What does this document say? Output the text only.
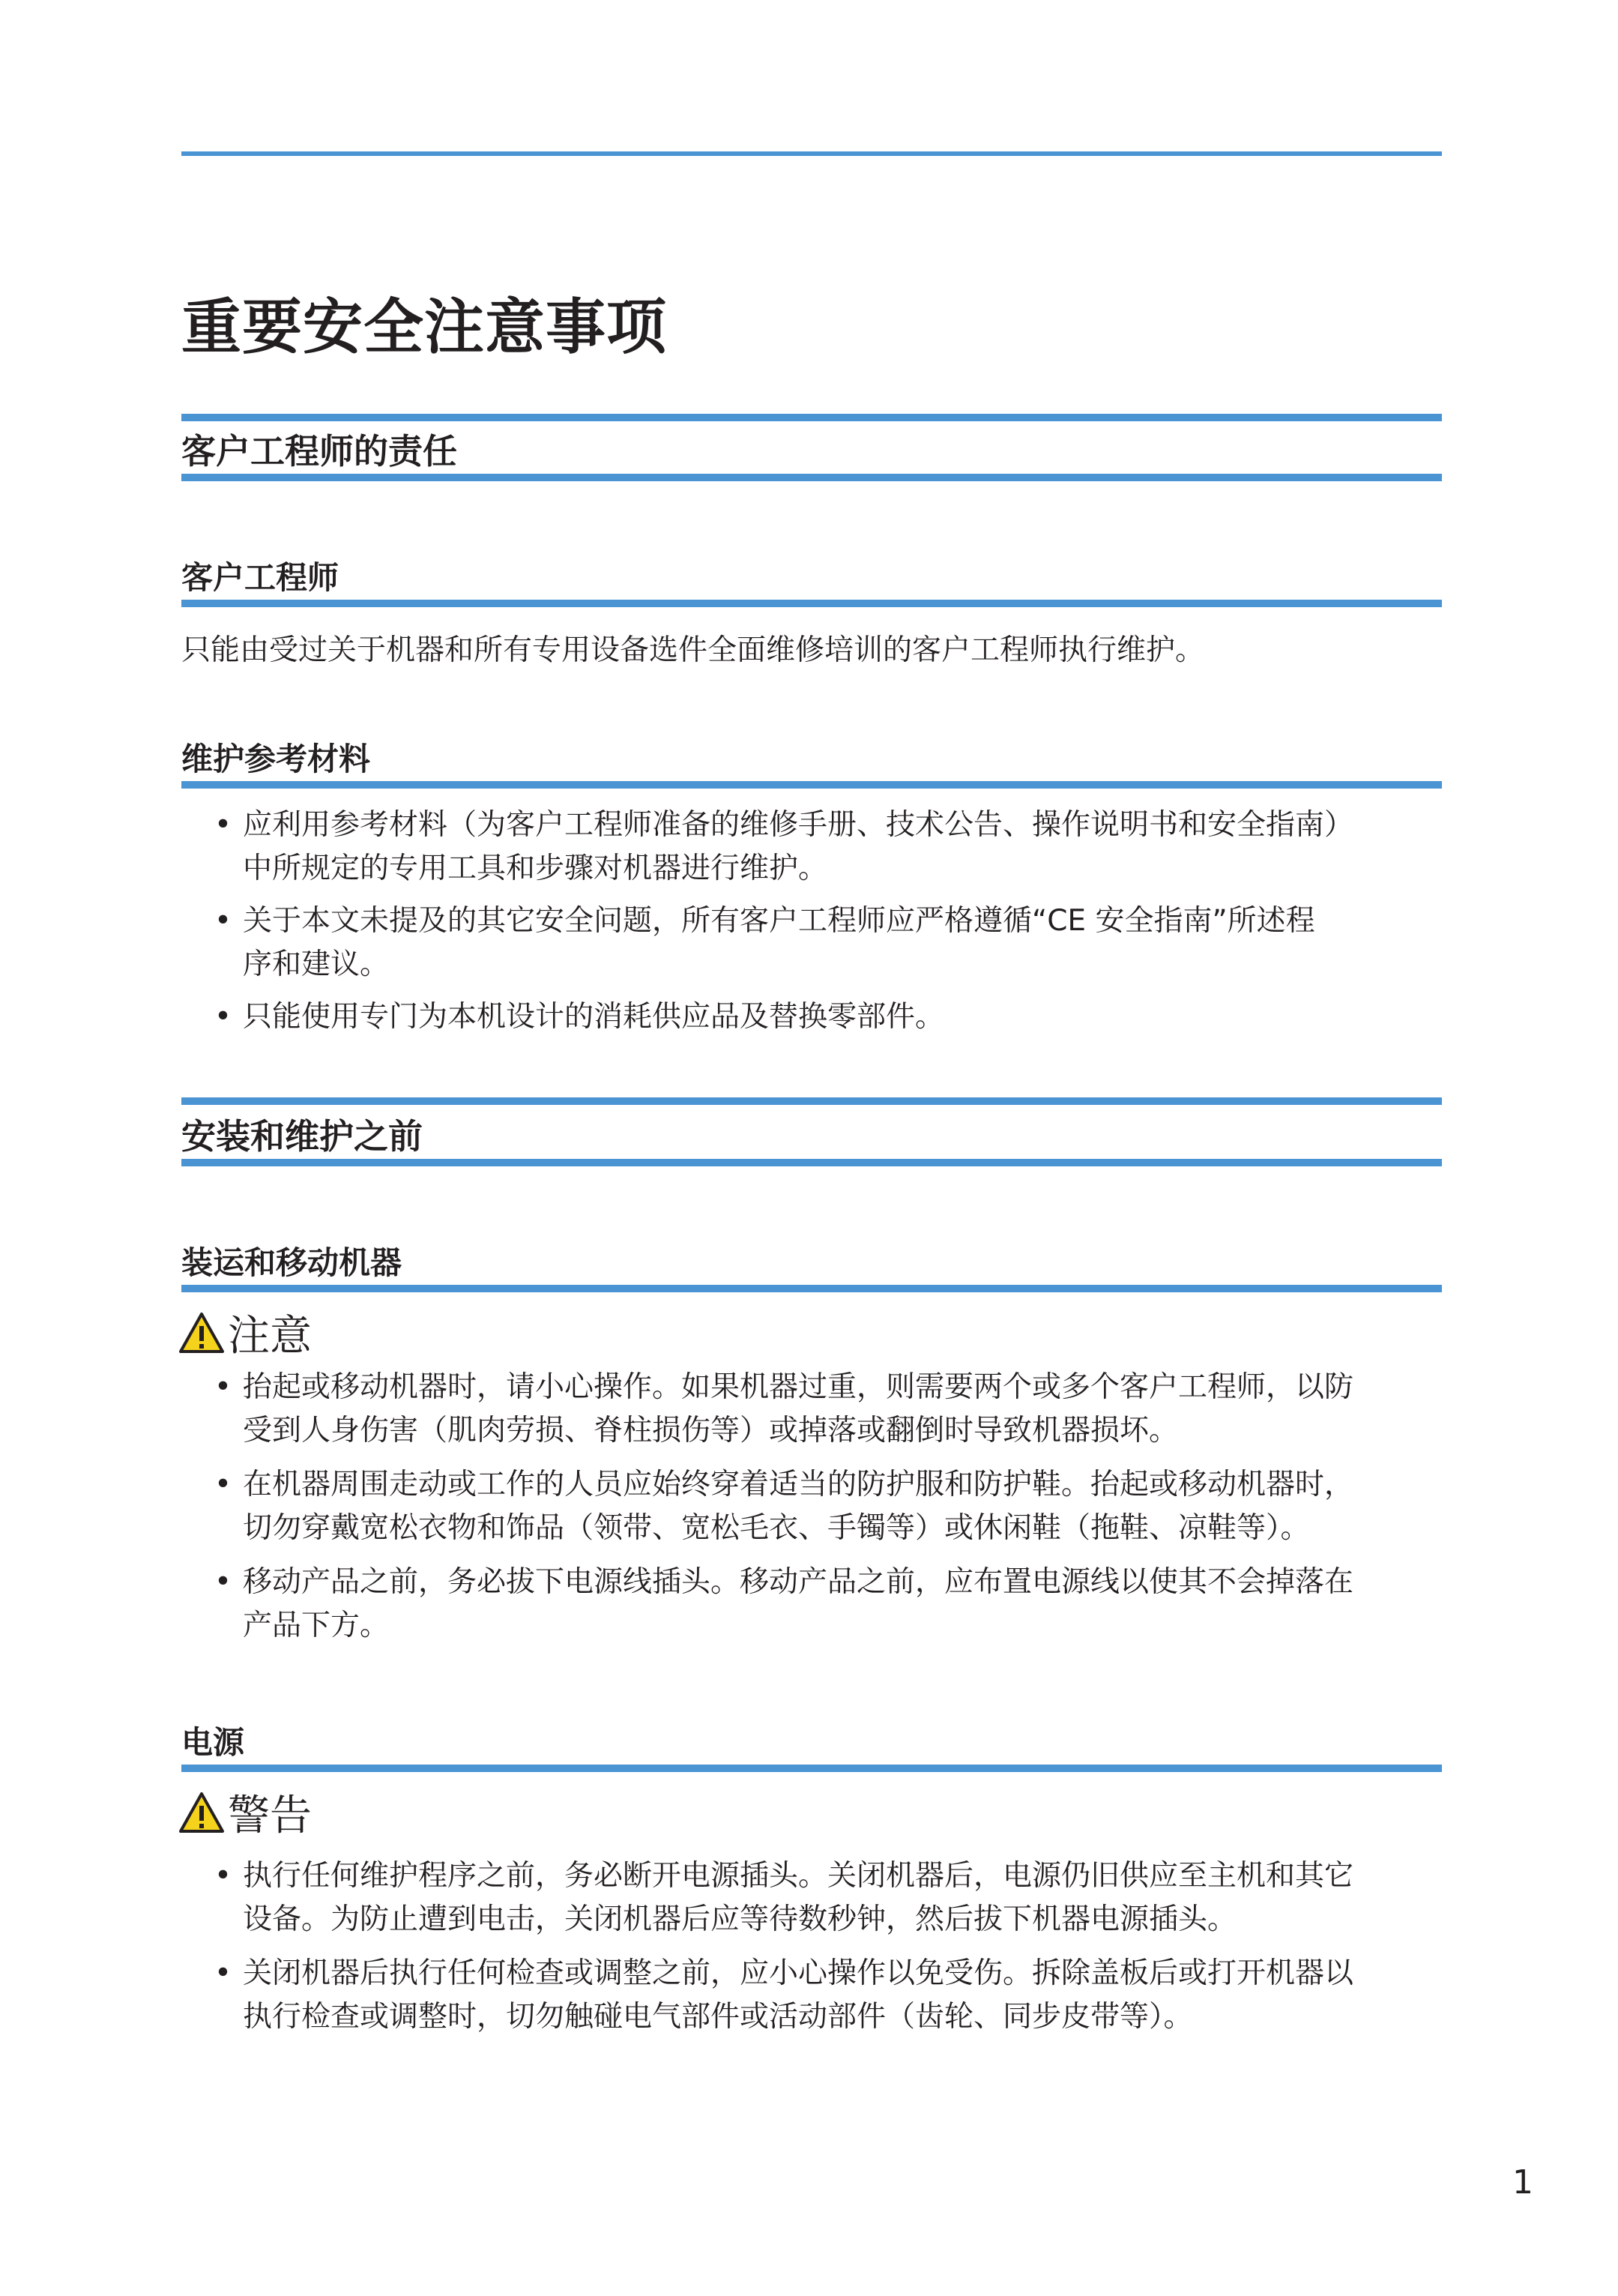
重要安全注意事项
客户工程师的责任
客户工程师
只能由受过关于机器和所有专用设备选件全面维修培训的客户工程师执行维护。
维护参考材料
• 应利用参考材料（为客户工程师准备的维修手册、技术公告、操作说明书和安全指南）
中所规定的专用工具和步骤对机器进行维护。
• 关于本文未提及的其它安全问题，所有客户工程师应严格遵循“CE 安全指南”所述程
序和建议。
• 只能使用专门为本机设计的消耗供应品及替换零部件。
安装和维护之前
装运和移动机器
注意
• 抬起或移动机器时，请小心操作。如果机器过重，则需要两个或多个客户工程师，以防
受到人身伤害（肌肉劳损、脊柱损伤等）或掉落或翻倒时导致机器损坏。
• 在机器周围走动或工作的人员应始终穿着适当的防护服和防护鞋。抬起或移动机器时，
切勿穿戴宽松衣物和饰品（领带、宽松毛衣、手镯等）或休闲鞋（拖鞋、凉鞋等）。
• 移动产品之前，务必拔下电源线插头。移动产品之前，应布置电源线以使其不会掉落在
产品下方。
电源
警告
• 执行任何维护程序之前，务必断开电源插头。关闭机器后，电源仍旧供应至主机和其它
设备。为防止遭到电击，关闭机器后应等待数秒钟，然后拔下机器电源插头。
• 关闭机器后执行任何检查或调整之前，应小心操作以免受伤。拆除盖板后或打开机器以
执行检查或调整时，切勿触碰电气部件或活动部件（齿轮、同步皮带等）。
1
